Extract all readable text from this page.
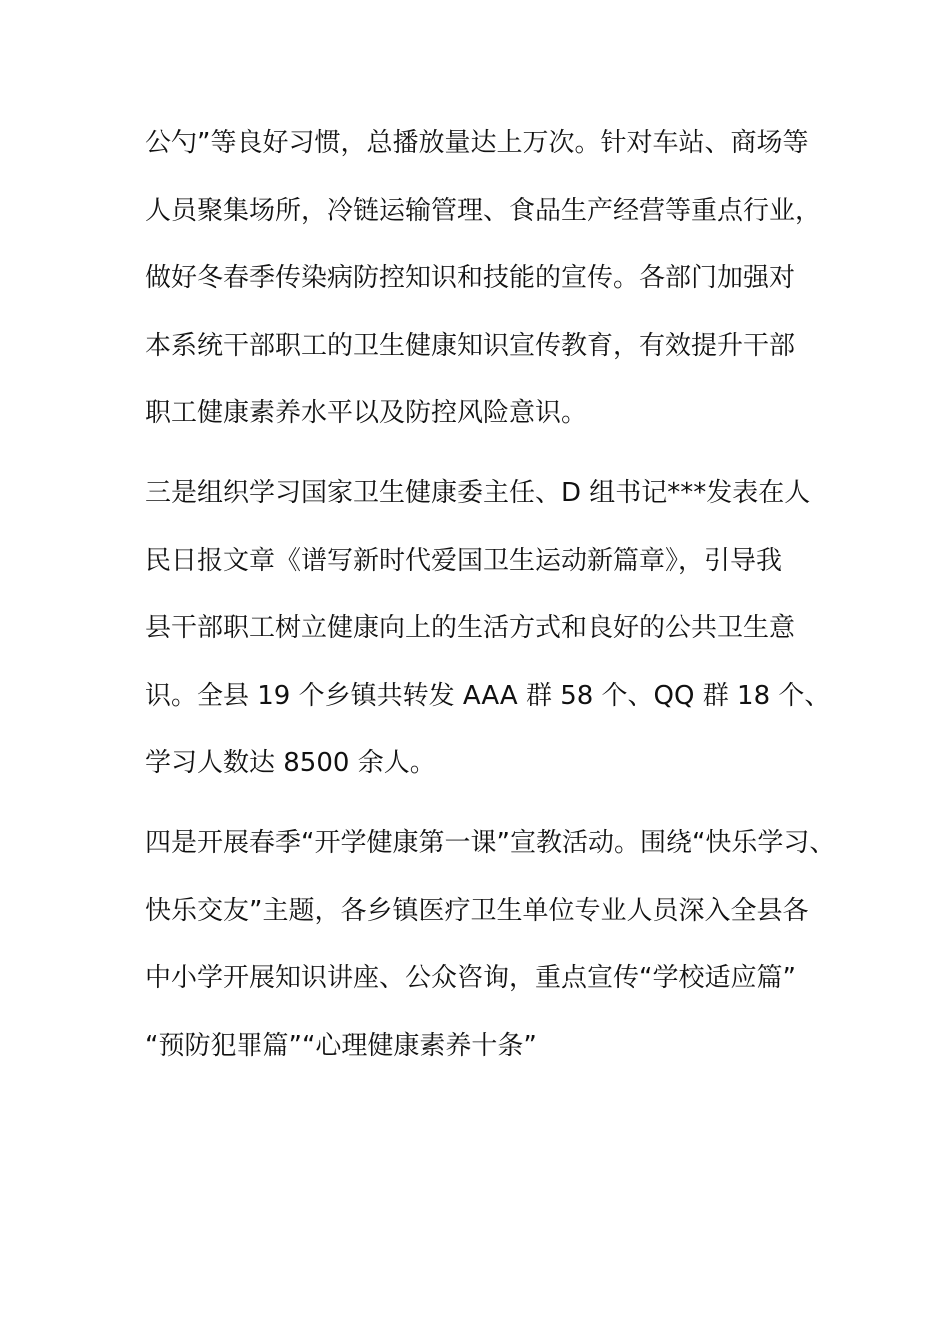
公勺”等良好习惯，总播放量达上万次。针对车站、商场等
人员聚集场所，冷链运输管理、食品生产经营等重点行业，
做好冬春季传染病防控知识和技能的宣传。各部门加强对
本系统干部职工的卫生健康知识宣传教育，有效提升干部
职工健康素养水平以及防控风险意识。

三是组织学习国家卫生健康委主任、D 组书记***发表在人
民日报文章《谱写新时代爱国卫生运动新篇章》，引导我
县干部职工树立健康向上的生活方式和良好的公共卫生意
识。全县 19 个乡镇共转发 AAA 群 58 个、QQ 群 18 个、
学习人数达 8500 余人。

四是开展春季“开学健康第一课”宣教活动。围绕“快乐学习、
快乐交友”主题，各乡镇医疗卫生单位专业人员深入全县各
中小学开展知识讲座、公众咨询，重点宣传“学校适应篇”
“预防犯罪篇”“心理健康素养十条”
